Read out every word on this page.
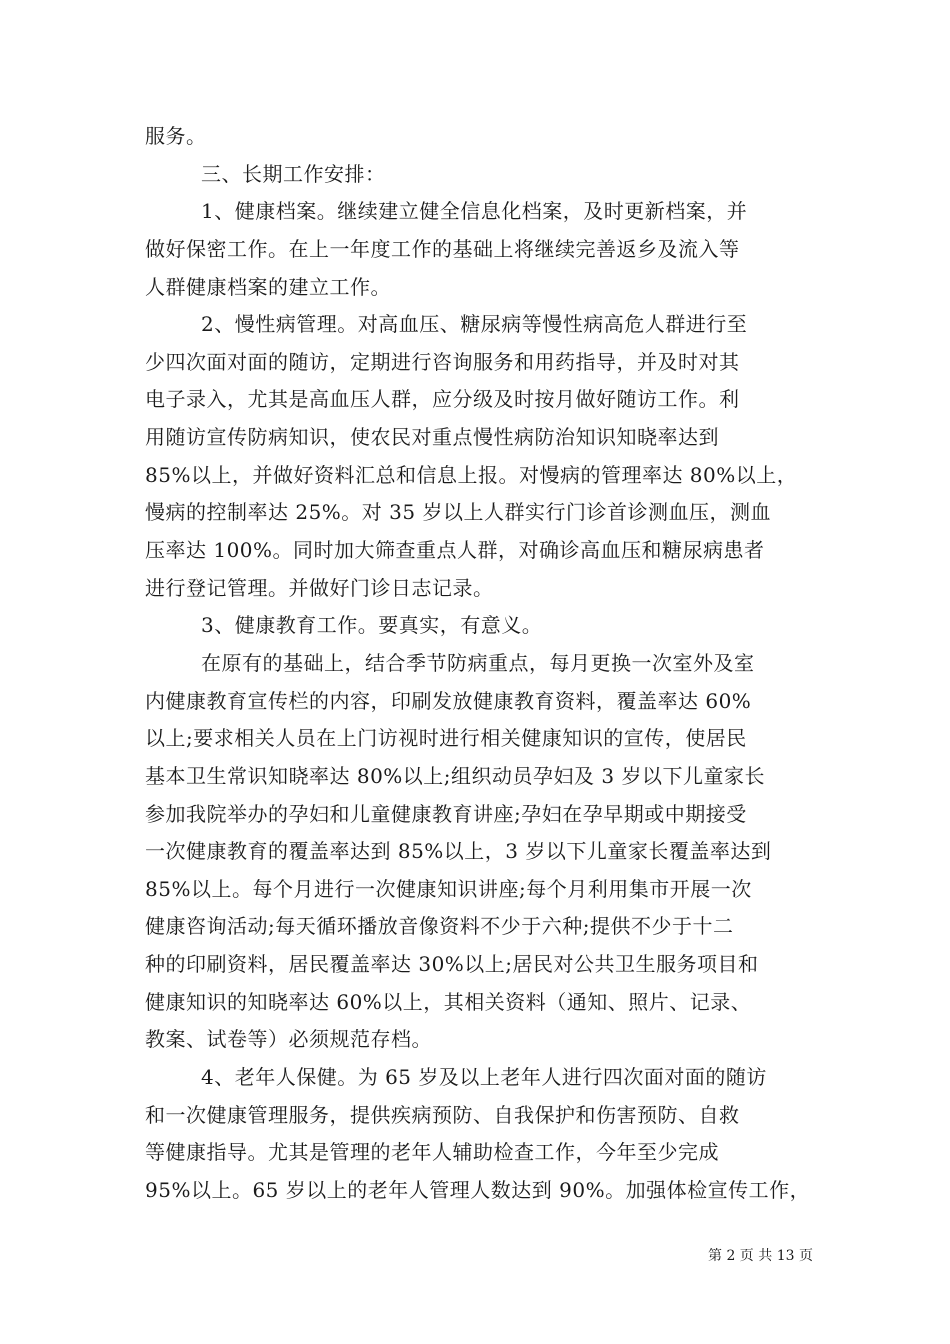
服务。
三、长期工作安排：
1、健康档案。继续建立健全信息化档案，及时更新档案，并
做好保密工作。在上一年度工作的基础上将继续完善返乡及流入等
人群健康档案的建立工作。
2、慢性病管理。对高血压、糖尿病等慢性病高危人群进行至
少四次面对面的随访，定期进行咨询服务和用药指导，并及时对其
电子录入，尤其是高血压人群，应分级及时按月做好随访工作。利
用随访宣传防病知识，使农民对重点慢性病防治知识知晓率达到
85%以上，并做好资料汇总和信息上报。对慢病的管理率达 80%以上，
慢病的控制率达 25%。对 35 岁以上人群实行门诊首诊测血压，测血
压率达 100%。同时加大筛查重点人群，对确诊高血压和糖尿病患者
进行登记管理。并做好门诊日志记录。
3、健康教育工作。要真实，有意义。
在原有的基础上，结合季节防病重点，每月更换一次室外及室
内健康教育宣传栏的内容，印刷发放健康教育资料，覆盖率达 60%
以上;要求相关人员在上门访视时进行相关健康知识的宣传，使居民
基本卫生常识知晓率达 80%以上;组织动员孕妇及 3 岁以下儿童家长
参加我院举办的孕妇和儿童健康教育讲座;孕妇在孕早期或中期接受
一次健康教育的覆盖率达到 85%以上，3 岁以下儿童家长覆盖率达到
85%以上。每个月进行一次健康知识讲座;每个月利用集市开展一次
健康咨询活动;每天循环播放音像资料不少于六种;提供不少于十二
种的印刷资料，居民覆盖率达 30%以上;居民对公共卫生服务项目和
健康知识的知晓率达 60%以上，其相关资料（通知、照片、记录、
教案、试卷等）必须规范存档。
4、老年人保健。为 65 岁及以上老年人进行四次面对面的随访
和一次健康管理服务，提供疾病预防、自我保护和伤害预防、自救
等健康指导。尤其是管理的老年人辅助检查工作，今年至少完成
95%以上。65 岁以上的老年人管理人数达到 90%。加强体检宣传工作，
第 2 页 共 13 页
